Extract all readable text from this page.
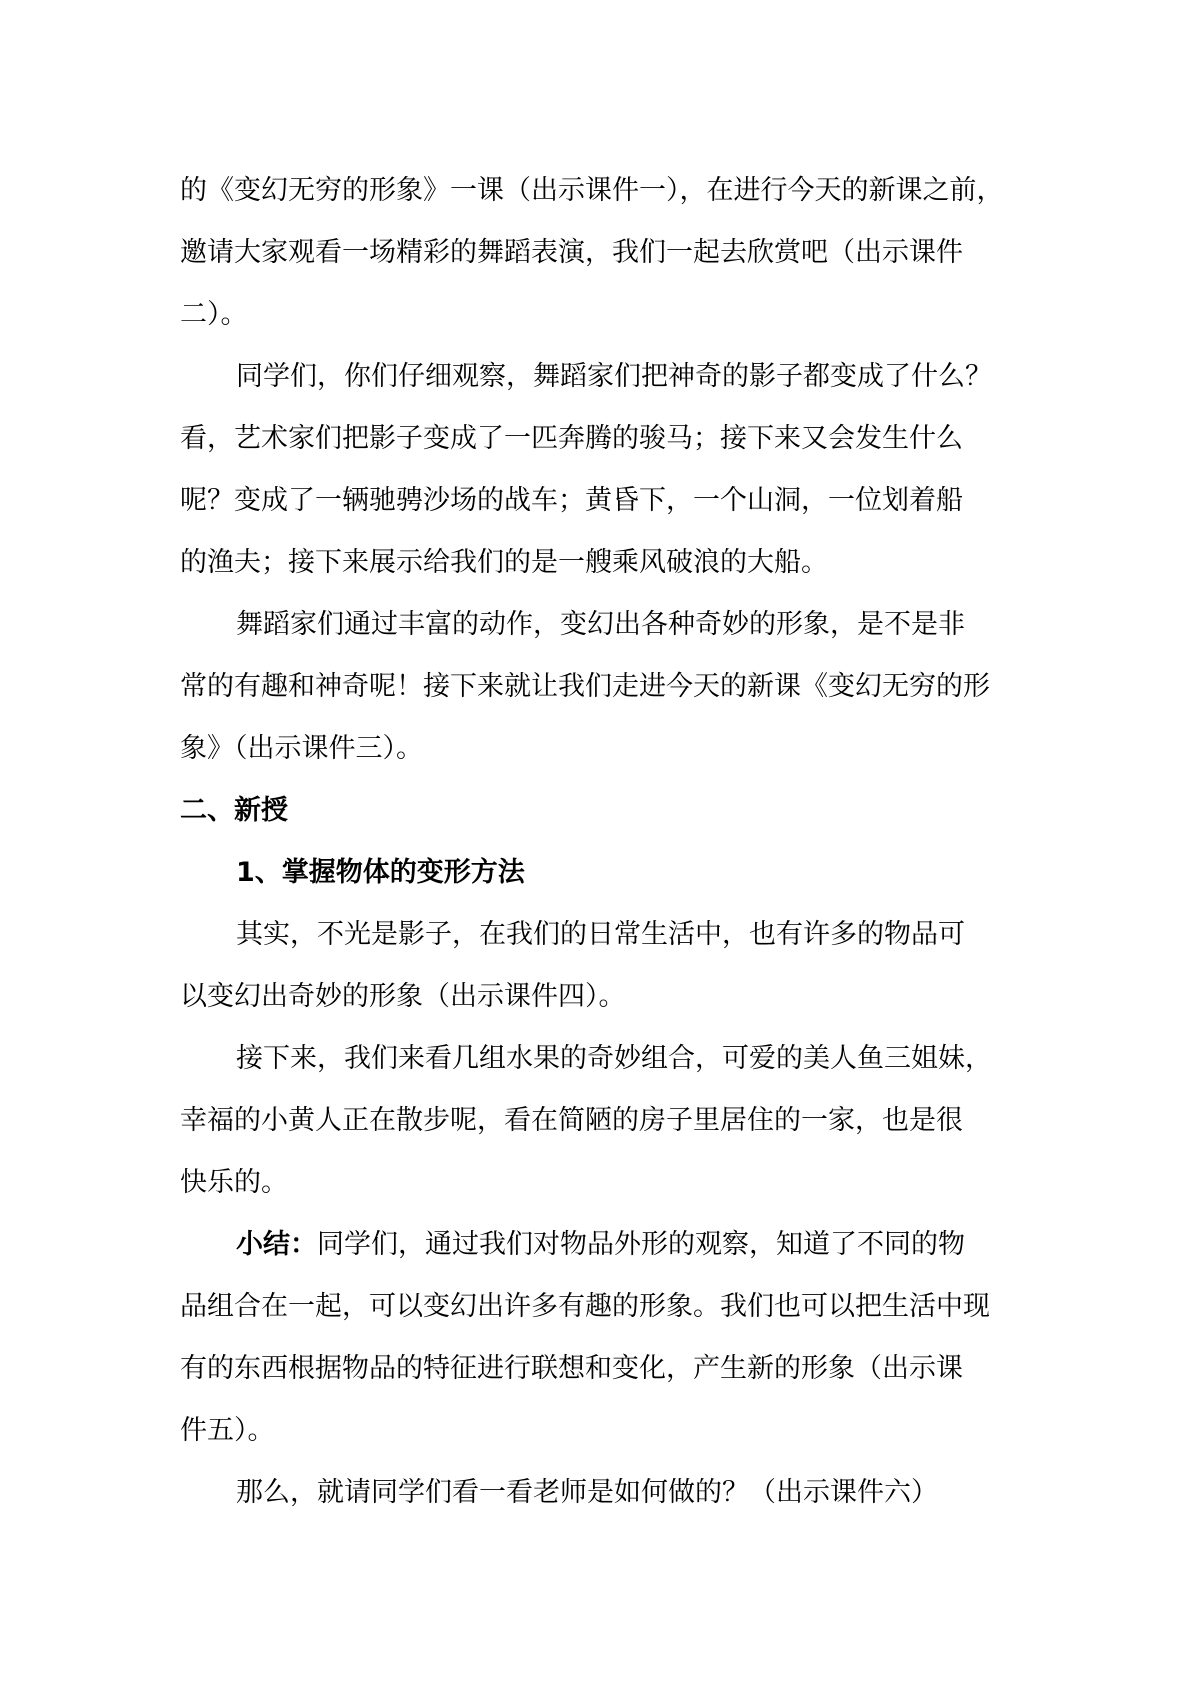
的《变幻无穷的形象》一课（出示课件一），在进行今天的新课之前，
邀请大家观看一场精彩的舞蹈表演，我们一起去欣赏吧（出示课件
二）。
同学们，你们仔细观察，舞蹈家们把神奇的影子都变成了什么？
看，艺术家们把影子变成了一匹奔腾的骏马；接下来又会发生什么
呢？变成了一辆驰骋沙场的战车；黄昏下，一个山洞，一位划着船
的渔夫；接下来展示给我们的是一艘乘风破浪的大船。
舞蹈家们通过丰富的动作，变幻出各种奇妙的形象，是不是非
常的有趣和神奇呢！接下来就让我们走进今天的新课《变幻无穷的形
象》（出示课件三）。
二、新授
1、掌握物体的变形方法
其实，不光是影子，在我们的日常生活中，也有许多的物品可
以变幻出奇妙的形象（出示课件四）。
接下来，我们来看几组水果的奇妙组合，可爱的美人鱼三姐妹，
幸福的小黄人正在散步呢，看在简陋的房子里居住的一家，也是很
快乐的。
小结：同学们，通过我们对物品外形的观察，知道了不同的物
品组合在一起，可以变幻出许多有趣的形象。我们也可以把生活中现
有的东西根据物品的特征进行联想和变化，产生新的形象（出示课
件五）。
那么，就请同学们看一看老师是如何做的？（出示课件六）
